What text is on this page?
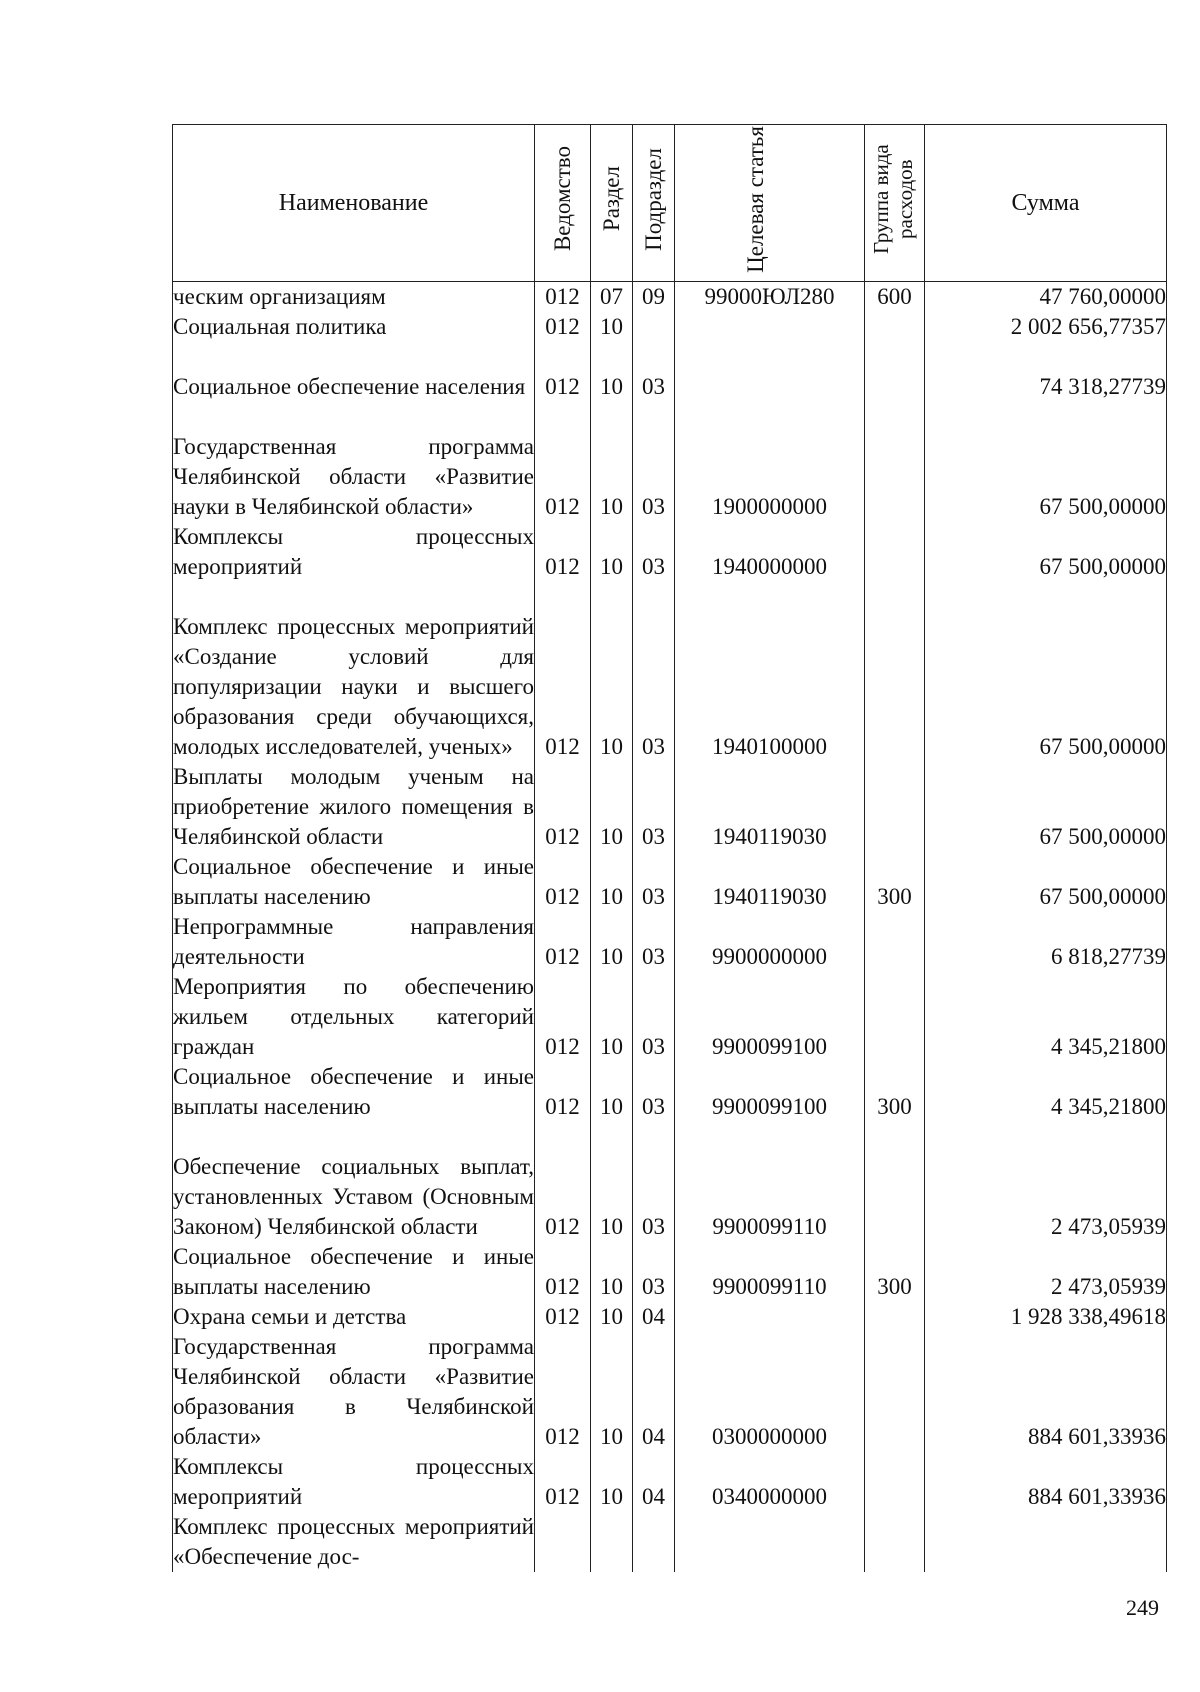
Наименование	Ведомство	Раздел	Подраздел	Целевая статья	Группа вида расходов	Сумма
ческим организациям	012	07	09	99000ЮЛ280	600	47 760,00000
Социальная политика	012	10				2 002 656,77357
Социальное обеспечение населения	012	10	03			74 318,27739
Государственная программа Челябинской области «Развитие науки в Челябинской области»	012	10	03	1900000000		67 500,00000
Комплексы процессных мероприятий	012	10	03	1940000000		67 500,00000
Комплекс процессных мероприятий «Создание условий для популяризации науки и высшего образования среди обучающихся, молодых исследователей, ученых»	012	10	03	1940100000		67 500,00000
Выплаты молодым ученым на приобретение жилого помещения в Челябинской области	012	10	03	1940119030		67 500,00000
Социальное обеспечение и иные выплаты населению	012	10	03	1940119030	300	67 500,00000
Непрограммные направления деятельности	012	10	03	9900000000		6 818,27739
Мероприятия по обеспечению жильем отдельных категорий граждан	012	10	03	9900099100		4 345,21800
Социальное обеспечение и иные выплаты населению	012	10	03	9900099100	300	4 345,21800
Обеспечение социальных выплат, установленных Уставом (Основным Законом) Челябинской области	012	10	03	9900099110		2 473,05939
Социальное обеспечение и иные выплаты населению	012	10	03	9900099110	300	2 473,05939
Охрана семьи и детства	012	10	04			1 928 338,49618
Государственная программа Челябинской области «Развитие образования в Челябинской области»	012	10	04	0300000000		884 601,33936
Комплексы процессных мероприятий	012	10	04	0340000000		884 601,33936
Комплекс процессных мероприятий «Обеспечение дос-						
249
